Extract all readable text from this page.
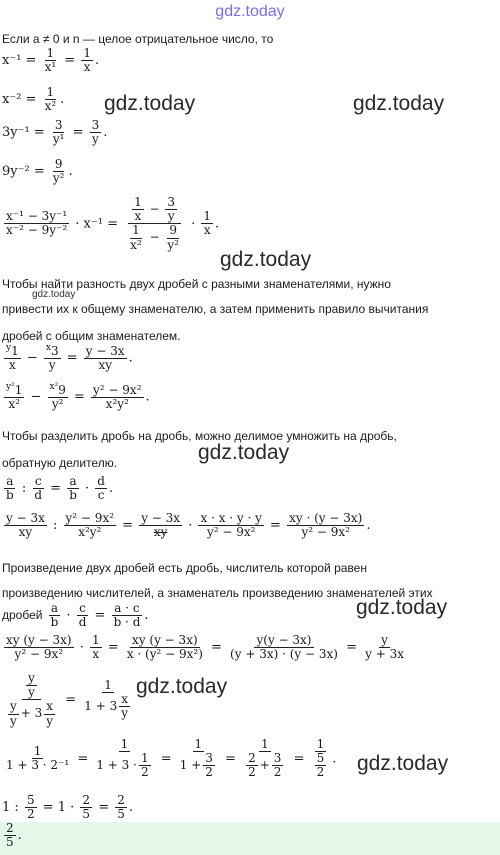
gdz.today
gdz.today	gdz.today
gdz.today
gdz.today
gdz.today
gdz.today
gdz.today
gdz.today
Если a ≠ 0 и n — целое отрицательное число, то
$x^{-1} = \frac{1}{\text{x¹}} = \frac{1}{x}$ .
$x^{-2} = \frac{1}{\text{x²}}$ .
$3y^{-1} = \frac{3}{\text{y¹}} = \frac{3}{y}$ .
$9y^{-2} = \frac{9}{\text{y²}}$ .
$\frac{\text{x⁻¹ − 3y⁻¹}}{\text{x⁻² − 9y⁻²}} \cdot x^{-1} = \frac{\frac{1}{x} - \frac{3}{y}}{\frac{1}{\text{x²}} - \frac{9}{\text{y²}}} \cdot \frac{1}{x}$ .
Чтобы найти разность двух дробей с разными знаменателями, нужно
привести их к общему знаменателю, а затем применить правило вычитания
дробей с общим знаменателем.
$\frac{^y1}{x} - \frac{^x3}{y} = \frac{y - 3x}{xy}$ .
$\frac{^{y^2}1}{\text{x²}} - \frac{^{x^2}9}{\text{y²}} = \frac{\text{y² − 9x²}}{\text{x²y²}}$ .
Чтобы разделить дробь на дробь, можно делимое умножить на дробь,
обратную делителю.
$\frac{a}{b}$ : $\frac{c}{d} = \frac{a}{b} \cdot \frac{d}{c}$ .
$\frac{y - 3x}{xy}$ : $\frac{\text{y² − 9x²}}{\text{x²y²}} = \frac{y - 3x}{xy} \cdot \frac{x \cdot x \cdot y \cdot y}{\text{y² − 9x²}} = \frac{xy \cdot (y - 3x)}{\text{y² − 9x²}}$ .
Произведение двух дробей есть дробь, числитель которой равен
произведению числителей, а знаменатель произведению знаменателей этих
дробей $\frac{a}{b} \cdot \frac{c}{d} = \frac{a \cdot c}{b \cdot d}$ .
$\frac{xy (y - 3x)}{\text{y² − 9x²}} \cdot \frac{1}{x} = \frac{xy (y - 3x)}{\text{x · (y² − 9x²)}} = \frac{y(y - 3x)}{(y + 3x) \cdot (y - 3x)} = \frac{y}{y + 3x}$
$\frac{\frac{y}{y}}{\frac{y}{y} + 3 \frac{x}{y}} = \frac{1}{1 + 3 \frac{x}{y}}$
$\frac{1}{\text{1 + 3 · 2⁻¹}} = \frac{1}{1 + 3 \cdot \frac{1}{2}} = \frac{1}{1 + \frac{3}{2}} = \frac{1}{\frac{2}{2} + \frac{3}{2}} = \frac{1}{\frac{5}{2}}$ .
1 : $\frac{5}{2} = 1 \cdot \frac{2}{5} = \frac{2}{5}$ .
$\frac{2}{5}$ .
